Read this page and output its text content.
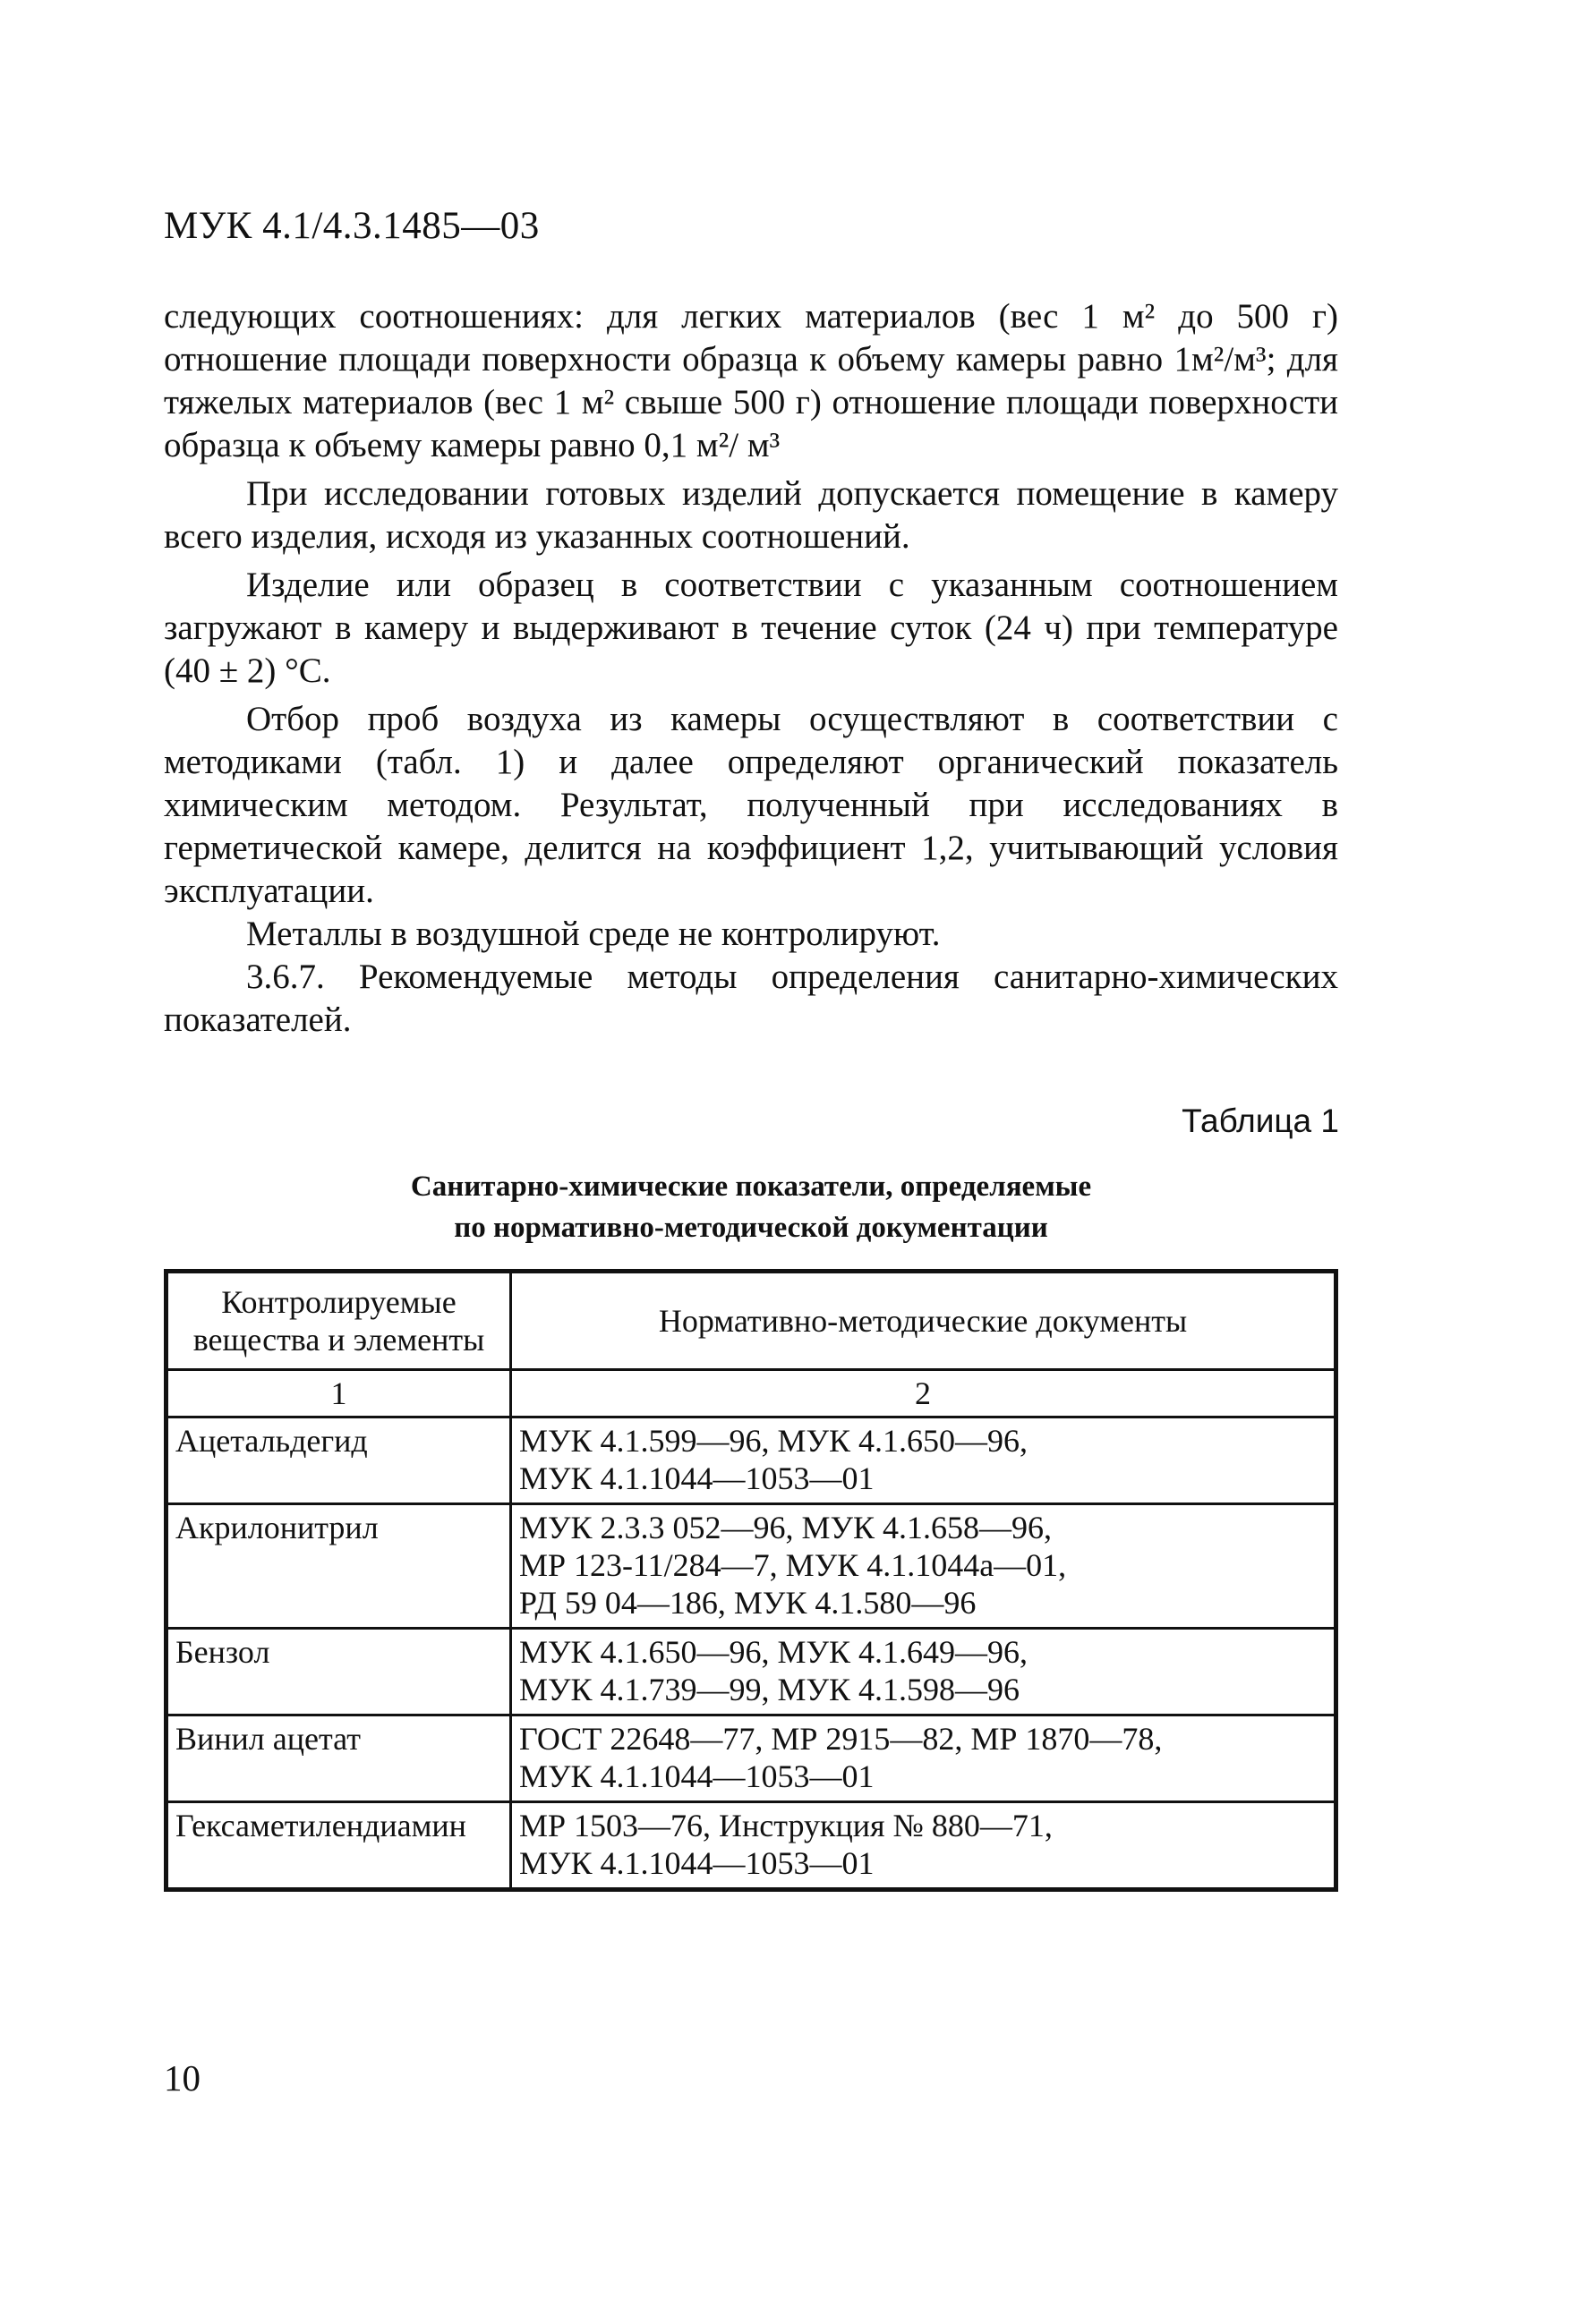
МУК 4.1/4.3.1485—03

следующих соотношениях: для легких материалов (вес 1 м² до 500 г) отношение площади поверхности образца к объему камеры равно 1м²/м³; для тяжелых материалов (вес 1 м² свыше 500 г) отношение площади поверхности образца к объему камеры равно 0,1 м²/ м³

При исследовании готовых изделий допускается помещение в камеру всего изделия, исходя из указанных соотношений.

Изделие или образец в соответствии с указанным соотношением загружают в камеру и выдерживают в течение суток (24 ч) при температуре (40 ± 2) °С.

Отбор проб воздуха из камеры осуществляют в соответствии с методиками (табл. 1) и далее определяют органический показатель химическим методом. Результат, полученный при исследованиях в герметической камере, делится на коэффициент 1,2, учитывающий условия эксплуатации.

Металлы в воздушной среде не контролируют.

3.6.7. Рекомендуемые методы определения санитарно-химических показателей.

Таблица 1
Санитарно-химические показатели, определяемые
по нормативно-методической документации
Контролируемые вещества и элементы	Нормативно-методические документы
1	2
Ацетальдегид	МУК 4.1.599—96, МУК 4.1.650—96,
МУК 4.1.1044—1053—01

Акрилонитрил	МУК 2.3.3 052—96, МУК 4.1.658—96,
МР 123-11/284—7, МУК 4.1.1044а—01,
РД 59 04—186, МУК 4.1.580—96

Бензол	МУК 4.1.650—96, МУК 4.1.649—96,
МУК 4.1.739—99, МУК 4.1.598—96

Винил ацетат	ГОСТ 22648—77, МР 2915—82, МР 1870—78,
МУК 4.1.1044—1053—01

Гексаметилендиамин	МР 1503—76, Инструкция № 880—71,
МУК 4.1.1044—1053—01
10
